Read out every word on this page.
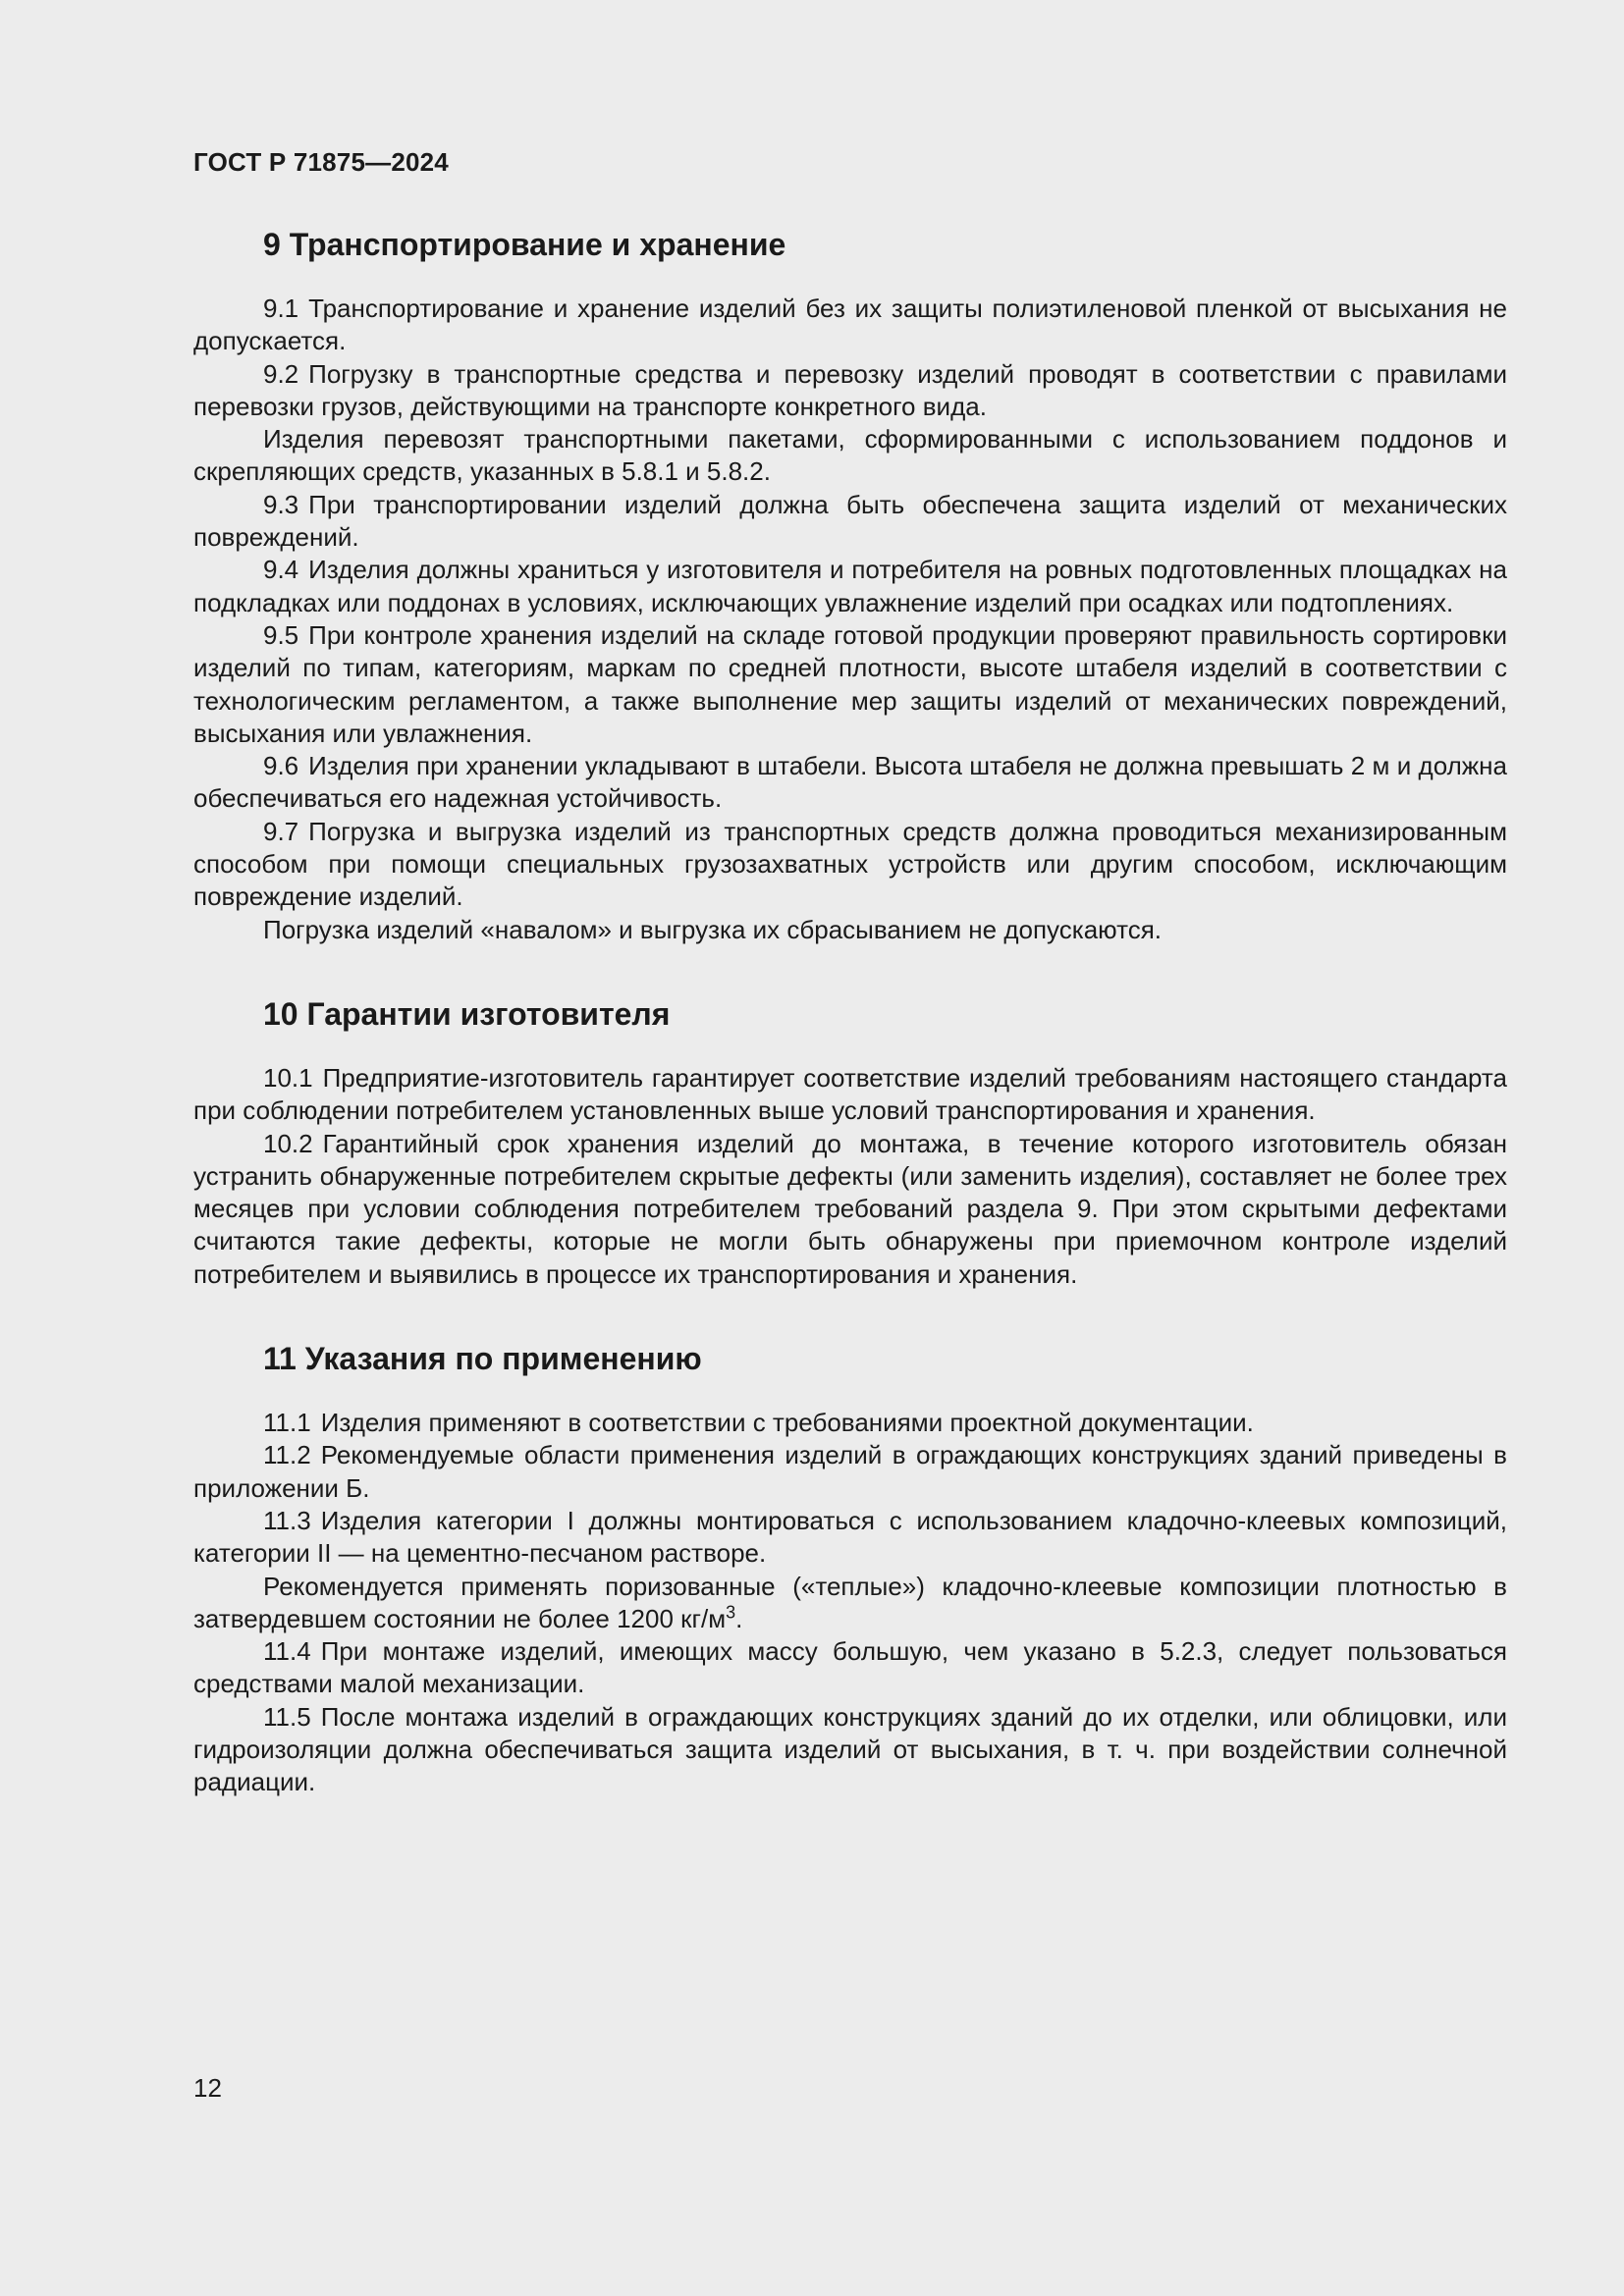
ГОСТ Р 71875—2024
9 Транспортирование и хранение

9.1 Транспортирование и хранение изделий без их защиты полиэтиленовой пленкой от высыхания не допускается.

9.2 Погрузку в транспортные средства и перевозку изделий проводят в соответствии с правилами перевозки грузов, действующими на транспорте конкретного вида.

Изделия перевозят транспортными пакетами, сформированными с использованием поддонов и скрепляющих средств, указанных в 5.8.1 и 5.8.2.

9.3 При транспортировании изделий должна быть обеспечена защита изделий от механических повреждений.

9.4 Изделия должны храниться у изготовителя и потребителя на ровных подготовленных площадках на подкладках или поддонах в условиях, исключающих увлажнение изделий при осадках или подтоплениях.

9.5 При контроле хранения изделий на складе готовой продукции проверяют правильность сортировки изделий по типам, категориям, маркам по средней плотности, высоте штабеля изделий в соответствии с технологическим регламентом, а также выполнение мер защиты изделий от механических повреждений, высыхания или увлажнения.

9.6 Изделия при хранении укладывают в штабели. Высота штабеля не должна превышать 2 м и должна обеспечиваться его надежная устойчивость.

9.7 Погрузка и выгрузка изделий из транспортных средств должна проводиться механизированным способом при помощи специальных грузозахватных устройств или другим способом, исключающим повреждение изделий.

Погрузка изделий «навалом» и выгрузка их сбрасыванием не допускаются.

10 Гарантии изготовителя

10.1 Предприятие-изготовитель гарантирует соответствие изделий требованиям настоящего стандарта при соблюдении потребителем установленных выше условий транспортирования и хранения.

10.2 Гарантийный срок хранения изделий до монтажа, в течение которого изготовитель обязан устранить обнаруженные потребителем скрытые дефекты (или заменить изделия), составляет не более трех месяцев при условии соблюдения потребителем требований раздела 9. При этом скрытыми дефектами считаются такие дефекты, которые не могли быть обнаружены при приемочном контроле изделий потребителем и выявились в процессе их транспортирования и хранения.

11 Указания по применению

11.1 Изделия применяют в соответствии с требованиями проектной документации.

11.2 Рекомендуемые области применения изделий в ограждающих конструкциях зданий приведены в приложении Б.

11.3 Изделия категории I должны монтироваться с использованием кладочно-клеевых композиций, категории II — на цементно-песчаном растворе.

Рекомендуется применять поризованные («теплые») кладочно-клеевые композиции плотностью в затвердевшем состоянии не более 1200 $кг/м^3$.

11.4 При монтаже изделий, имеющих массу большую, чем указано в 5.2.3, следует пользоваться средствами малой механизации.

11.5 После монтажа изделий в ограждающих конструкциях зданий до их отделки, или облицовки, или гидроизоляции должна обеспечиваться защита изделий от высыхания, в т. ч. при воздействии солнечной радиации.

12
